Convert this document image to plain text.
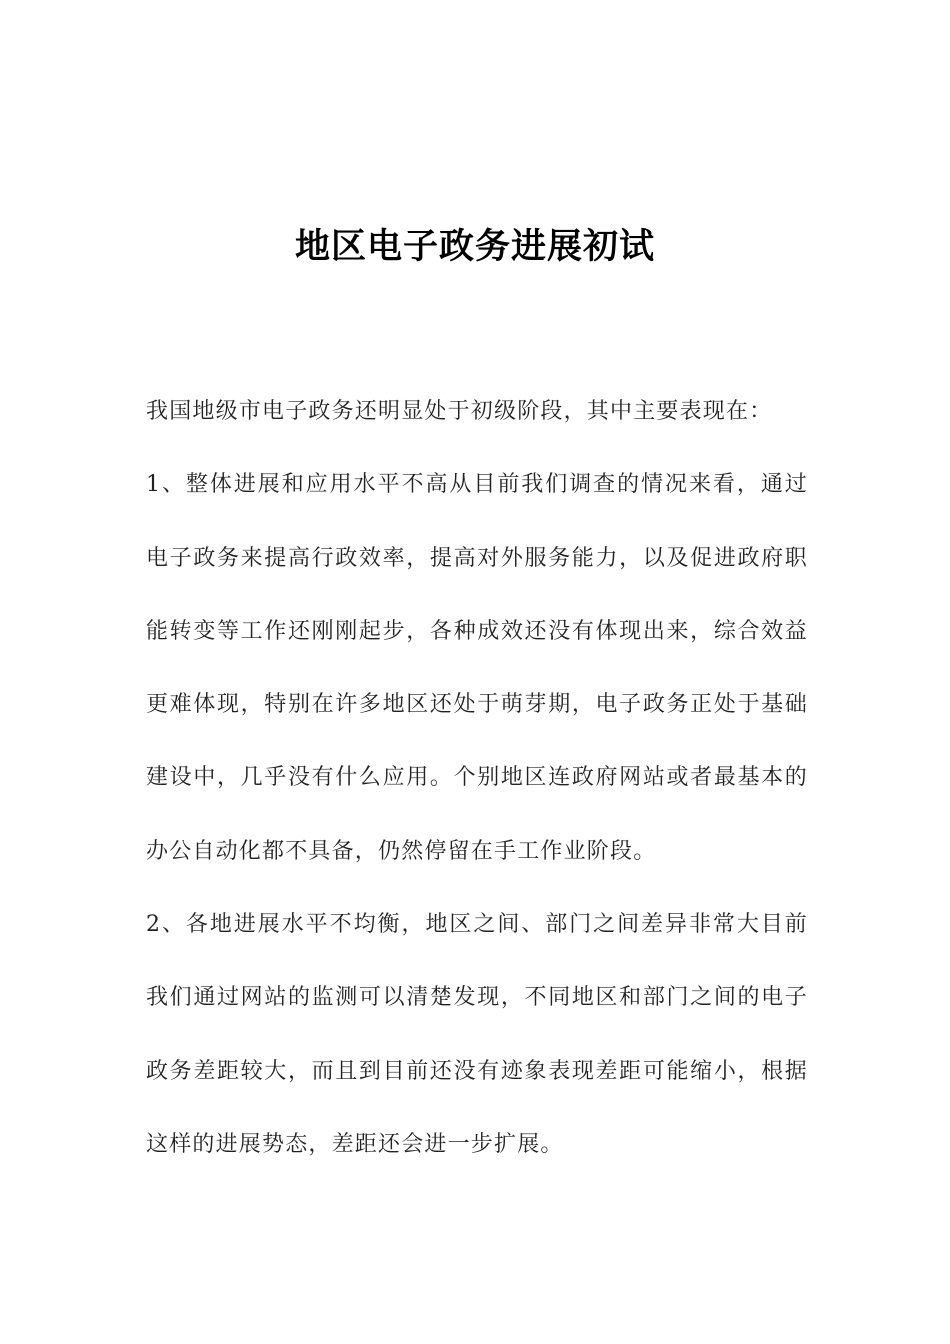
地区电子政务进展初试

我国地级市电子政务还明显处于初级阶段，其中主要表现在：

1、整体进展和应用水平不高从目前我们调查的情况来看，通过电子政务来提高行政效率，提高对外服务能力，以及促进政府职能转变等工作还刚刚起步，各种成效还没有体现出来，综合效益更难体现，特别在许多地区还处于萌芽期，电子政务正处于基础建设中，几乎没有什么应用。个别地区连政府网站或者最基本的办公自动化都不具备，仍然停留在手工作业阶段。

2、各地进展水平不均衡，地区之间、部门之间差异非常大目前我们通过网站的监测可以清楚发现，不同地区和部门之间的电子政务差距较大，而且到目前还没有迹象表现差距可能缩小，根据这样的进展势态，差距还会进一步扩展。
